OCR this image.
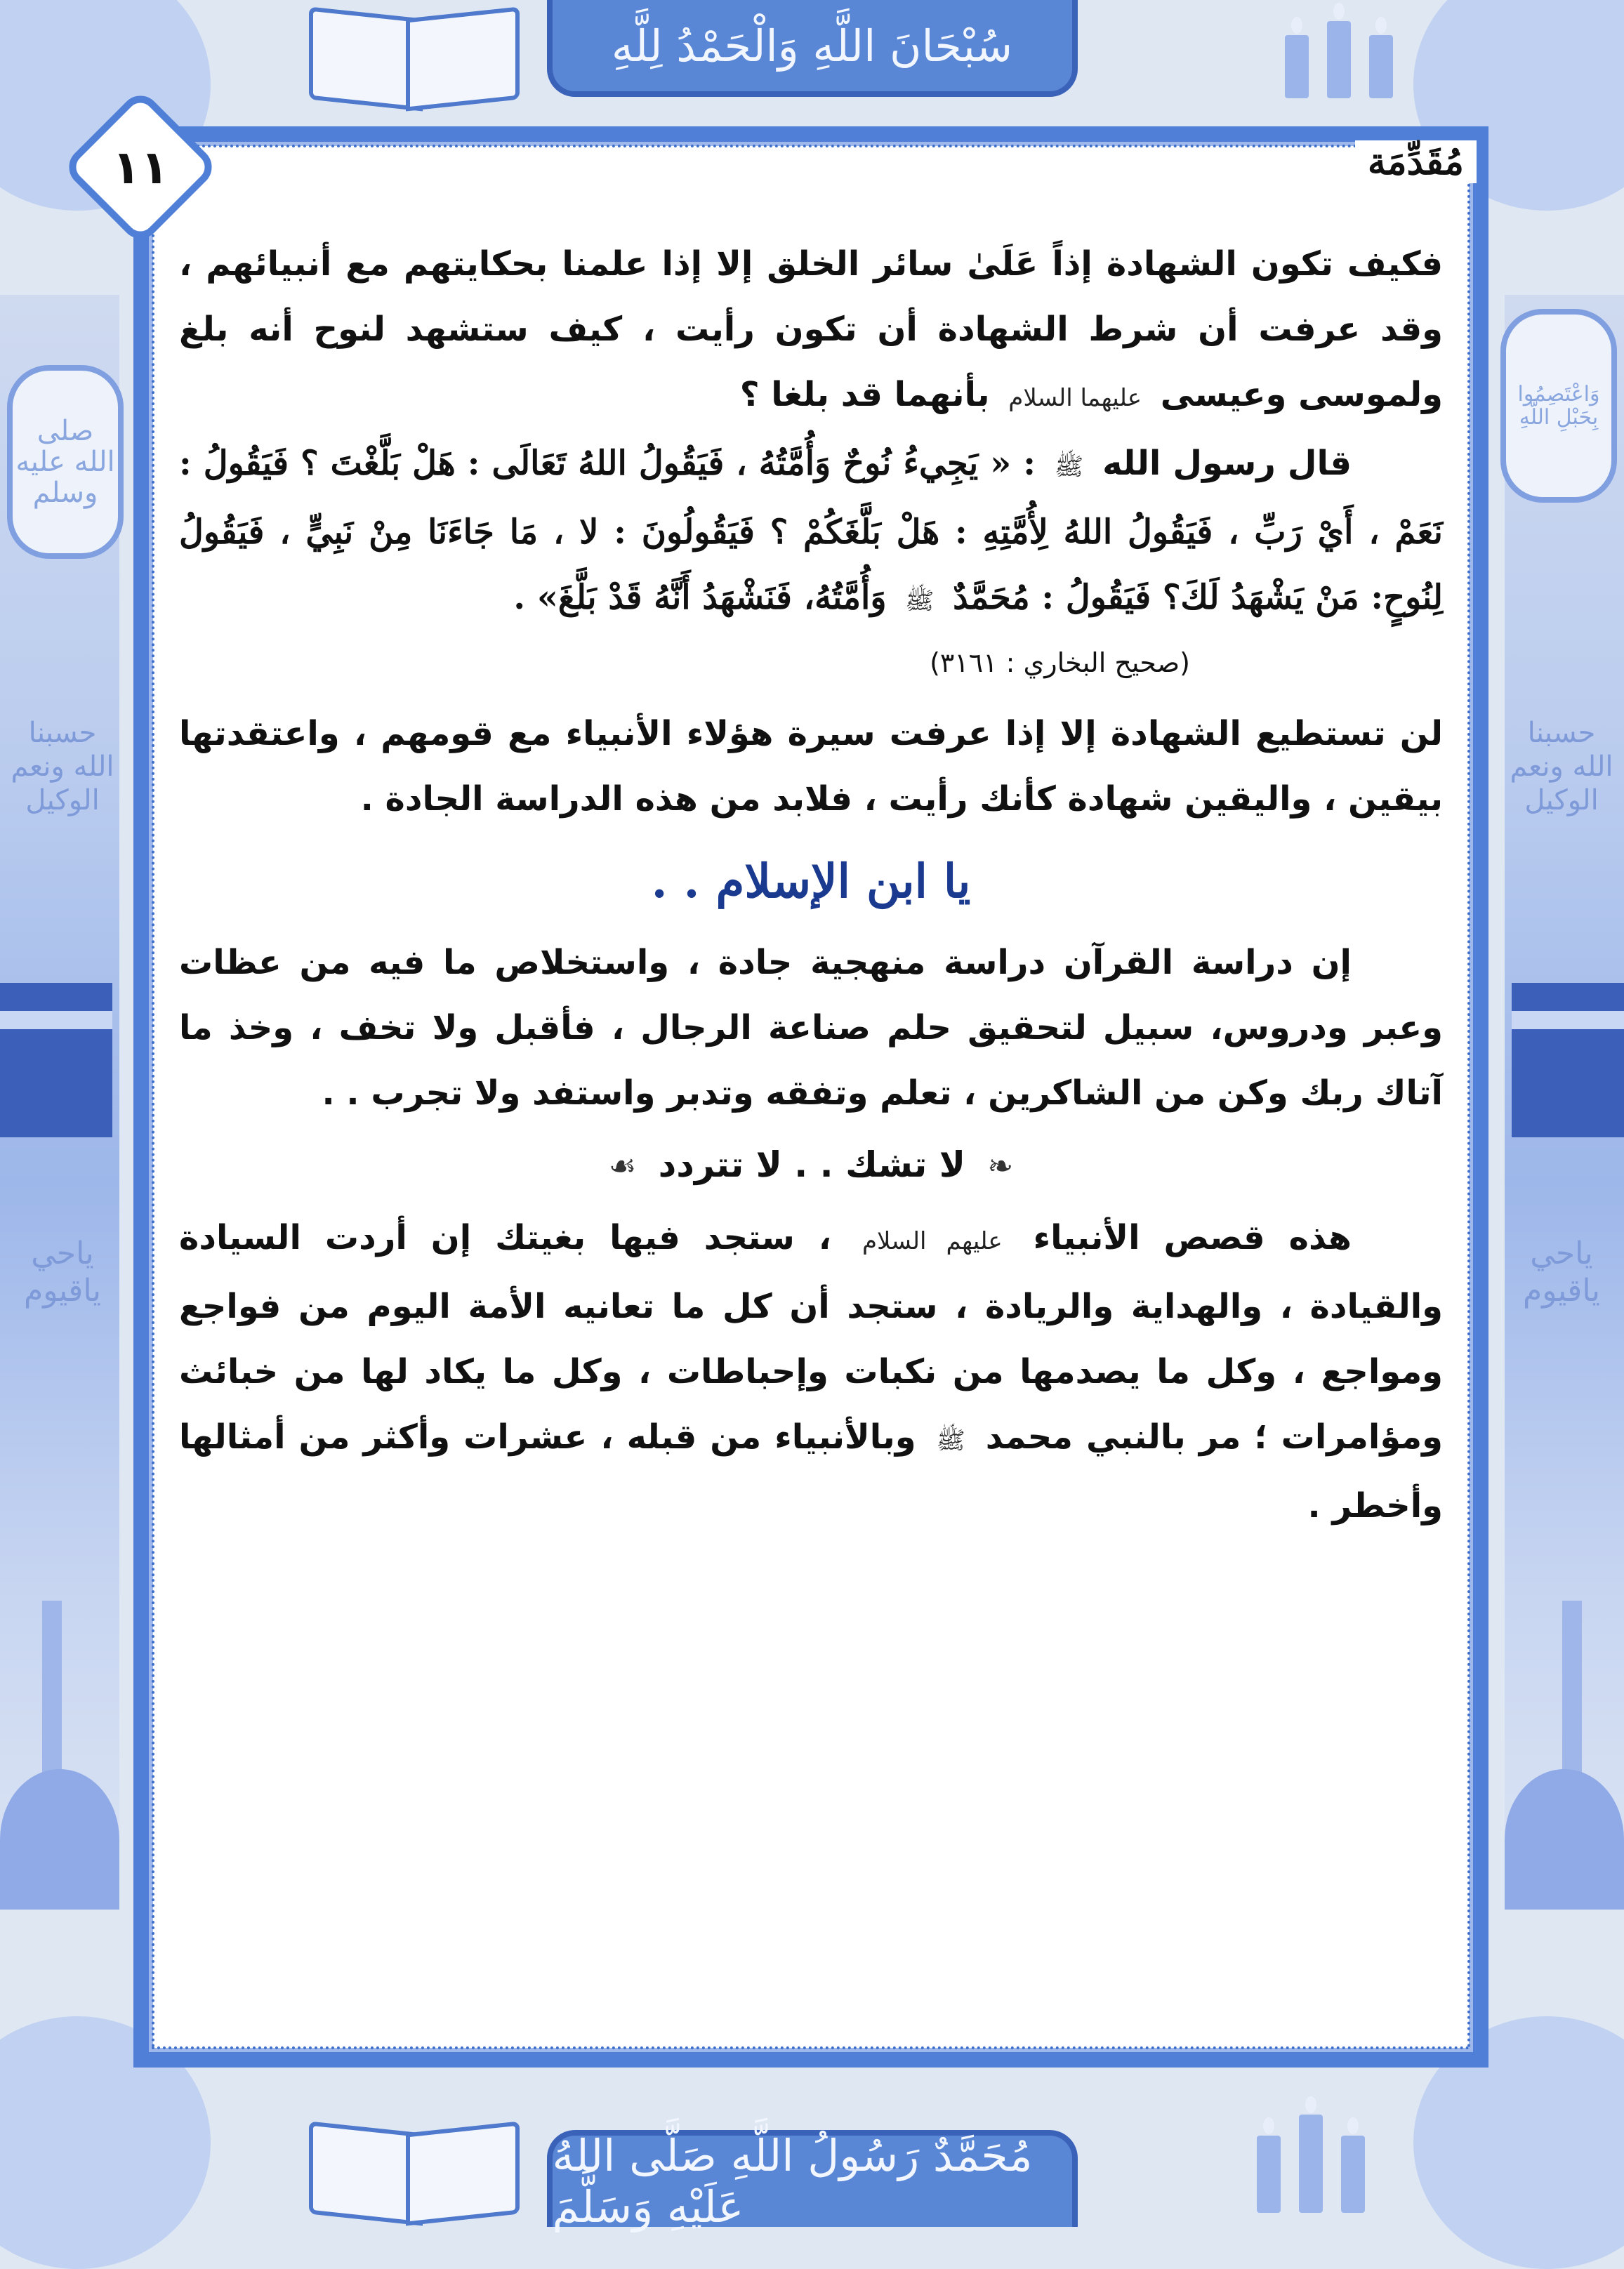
صلى الله عليه وسلم
وَاعْتَصِمُوا بِحَبْلِ اللَّهِ
حسبنا الله ونعم الوكيل
حسبنا الله ونعم الوكيل
ياحي ياقيوم
ياحي ياقيوم
سُبْحَانَ اللَّهِ وَالْحَمْدُ لِلَّهِ
مُحَمَّدٌ رَسُولُ اللَّهِ صَلَّى اللهُ عَلَيْهِ وَسَلَّمَ
١١	مُقَدِّمَة

فكيف تكون الشهادة إذاً عَلَىٰ سائر الخلق إلا إذا علمنا بحكايتهم مع أنبيائهم ، وقد عرفت أن شرط الشهادة أن تكون رأيت ، كيف ستشهد لنوح أنه بلغ ولموسى وعيسى عليهما السلام بأنهما قد بلغا ؟

قال رسول الله ﷺ : « يَجِيءُ نُوحٌ وَأُمَّتُهُ ، فَيَقُولُ اللهُ تَعَالَى : هَلْ بَلَّغْتَ ؟ فَيَقُولُ : نَعَمْ ، أَيْ رَبِّ ، فَيَقُولُ اللهُ لِأُمَّتِهِ : هَلْ بَلَّغَكُمْ ؟ فَيَقُولُونَ : لا ، مَا جَاءَنَا مِنْ نَبِيٍّ ، فَيَقُولُ لِنُوحٍ: مَنْ يَشْهَدُ لَكَ؟ فَيَقُولُ : مُحَمَّدٌ ﷺ وَأُمَّتُهُ، فَنَشْهَدُ أَنَّهُ قَدْ بَلَّغَ» .

(صحيح البخاري : ٣١٦١)

لن تستطيع الشهادة إلا إذا عرفت سيرة هؤلاء الأنبياء مع قومهم ، واعتقدتها بيقين ، واليقين شهادة كأنك رأيت ، فلابد من هذه الدراسة الجادة .

يا ابن الإسلام . .

إن دراسة القرآن دراسة منهجية جادة ، واستخلاص ما فيه من عظات وعبر ودروس، سبيل لتحقيق حلم صناعة الرجال ، فأقبل ولا تخف ، وخذ ما آتاك ربك وكن من الشاكرين ، تعلم وتفقه وتدبر واستفد ولا تجرب . .

❧ لا تشك . . لا تتردد ☙

هذه قصص الأنبياء عليهم السلام ، ستجد فيها بغيتك إن أردت السيادة والقيادة ، والهداية والريادة ، ستجد أن كل ما تعانيه الأمة اليوم من فواجع ومواجع ، وكل ما يصدمها من نكبات وإحباطات ، وكل ما يكاد لها من خبائث ومؤامرات ؛ مر بالنبي محمد ﷺ وبالأنبياء من قبله ، عشرات وأكثر من أمثالها وأخطر .
